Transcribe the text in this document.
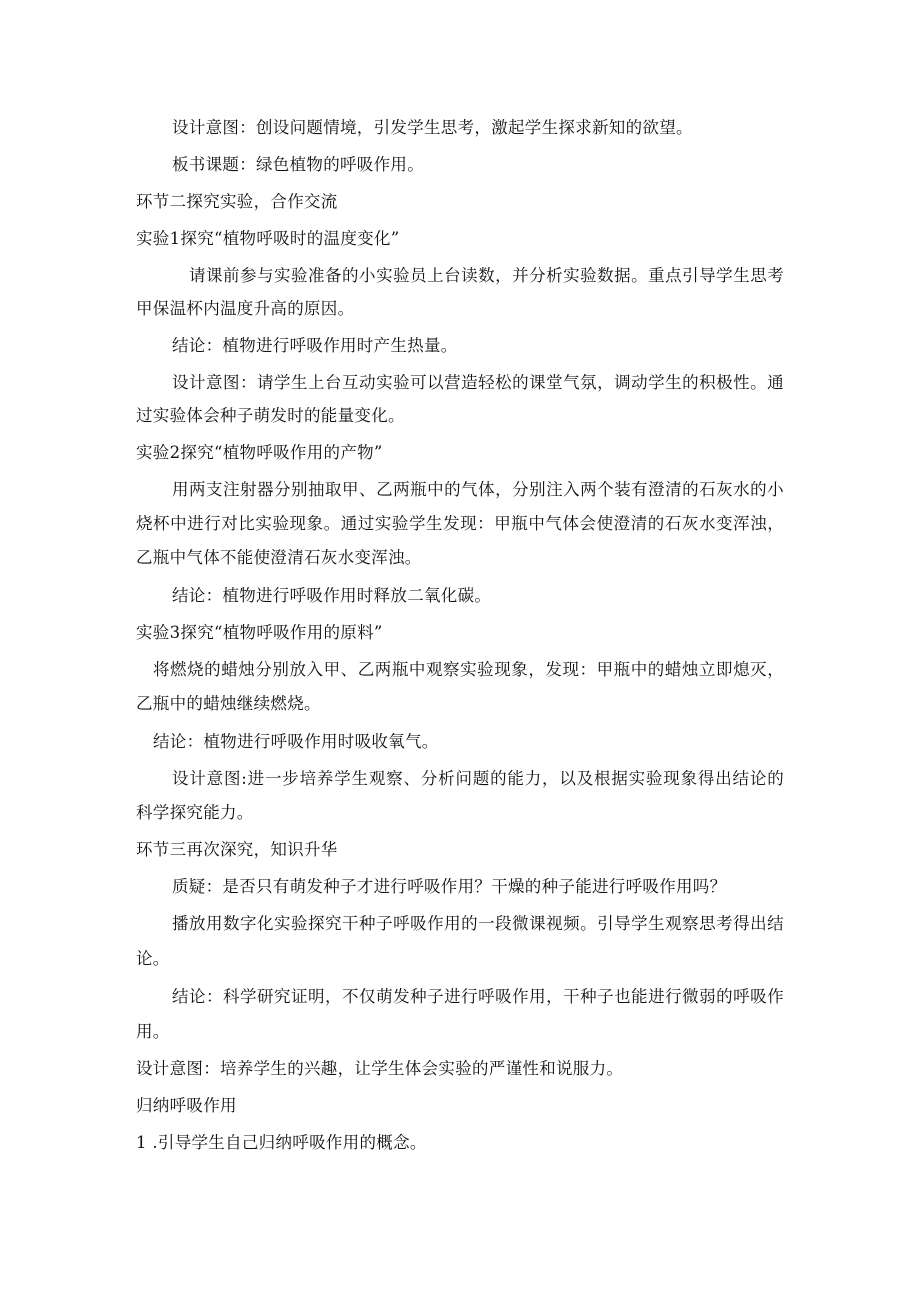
设计意图：创设问题情境，引发学生思考，激起学生探求新知的欲望。
板书课题：绿色植物的呼吸作用。
环节二探究实验，合作交流
实验1探究“植物呼吸时的温度变化”
请课前参与实验准备的小实验员上台读数，并分析实验数据。重点引导学生思考
甲保温杯内温度升高的原因。
结论：植物进行呼吸作用时产生热量。
设计意图：请学生上台互动实验可以营造轻松的课堂气氛，调动学生的积极性。通
过实验体会种子萌发时的能量变化。
实验2探究“植物呼吸作用的产物”
用两支注射器分别抽取甲、乙两瓶中的气体，分别注入两个装有澄清的石灰水的小
烧杯中进行对比实验现象。通过实验学生发现：甲瓶中气体会使澄清的石灰水变浑浊，
乙瓶中气体不能使澄清石灰水变浑浊。
结论：植物进行呼吸作用时释放二氧化碳。
实验3探究“植物呼吸作用的原料”
将燃烧的蜡烛分别放入甲、乙两瓶中观察实验现象，发现：甲瓶中的蜡烛立即熄灭，
乙瓶中的蜡烛继续燃烧。
结论：植物进行呼吸作用时吸收氧气。
设计意图:进一步培养学生观察、分析问题的能力，以及根据实验现象得出结论的
科学探究能力。
环节三再次深究，知识升华
质疑：是否只有萌发种子才进行呼吸作用？干燥的种子能进行呼吸作用吗？
播放用数字化实验探究干种子呼吸作用的一段微课视频。引导学生观察思考得出结
论。
结论：科学研究证明，不仅萌发种子进行呼吸作用，干种子也能进行微弱的呼吸作
用。
设计意图：培养学生的兴趣，让学生体会实验的严谨性和说服力。
归纳呼吸作用
1 .引导学生自己归纳呼吸作用的概念。
